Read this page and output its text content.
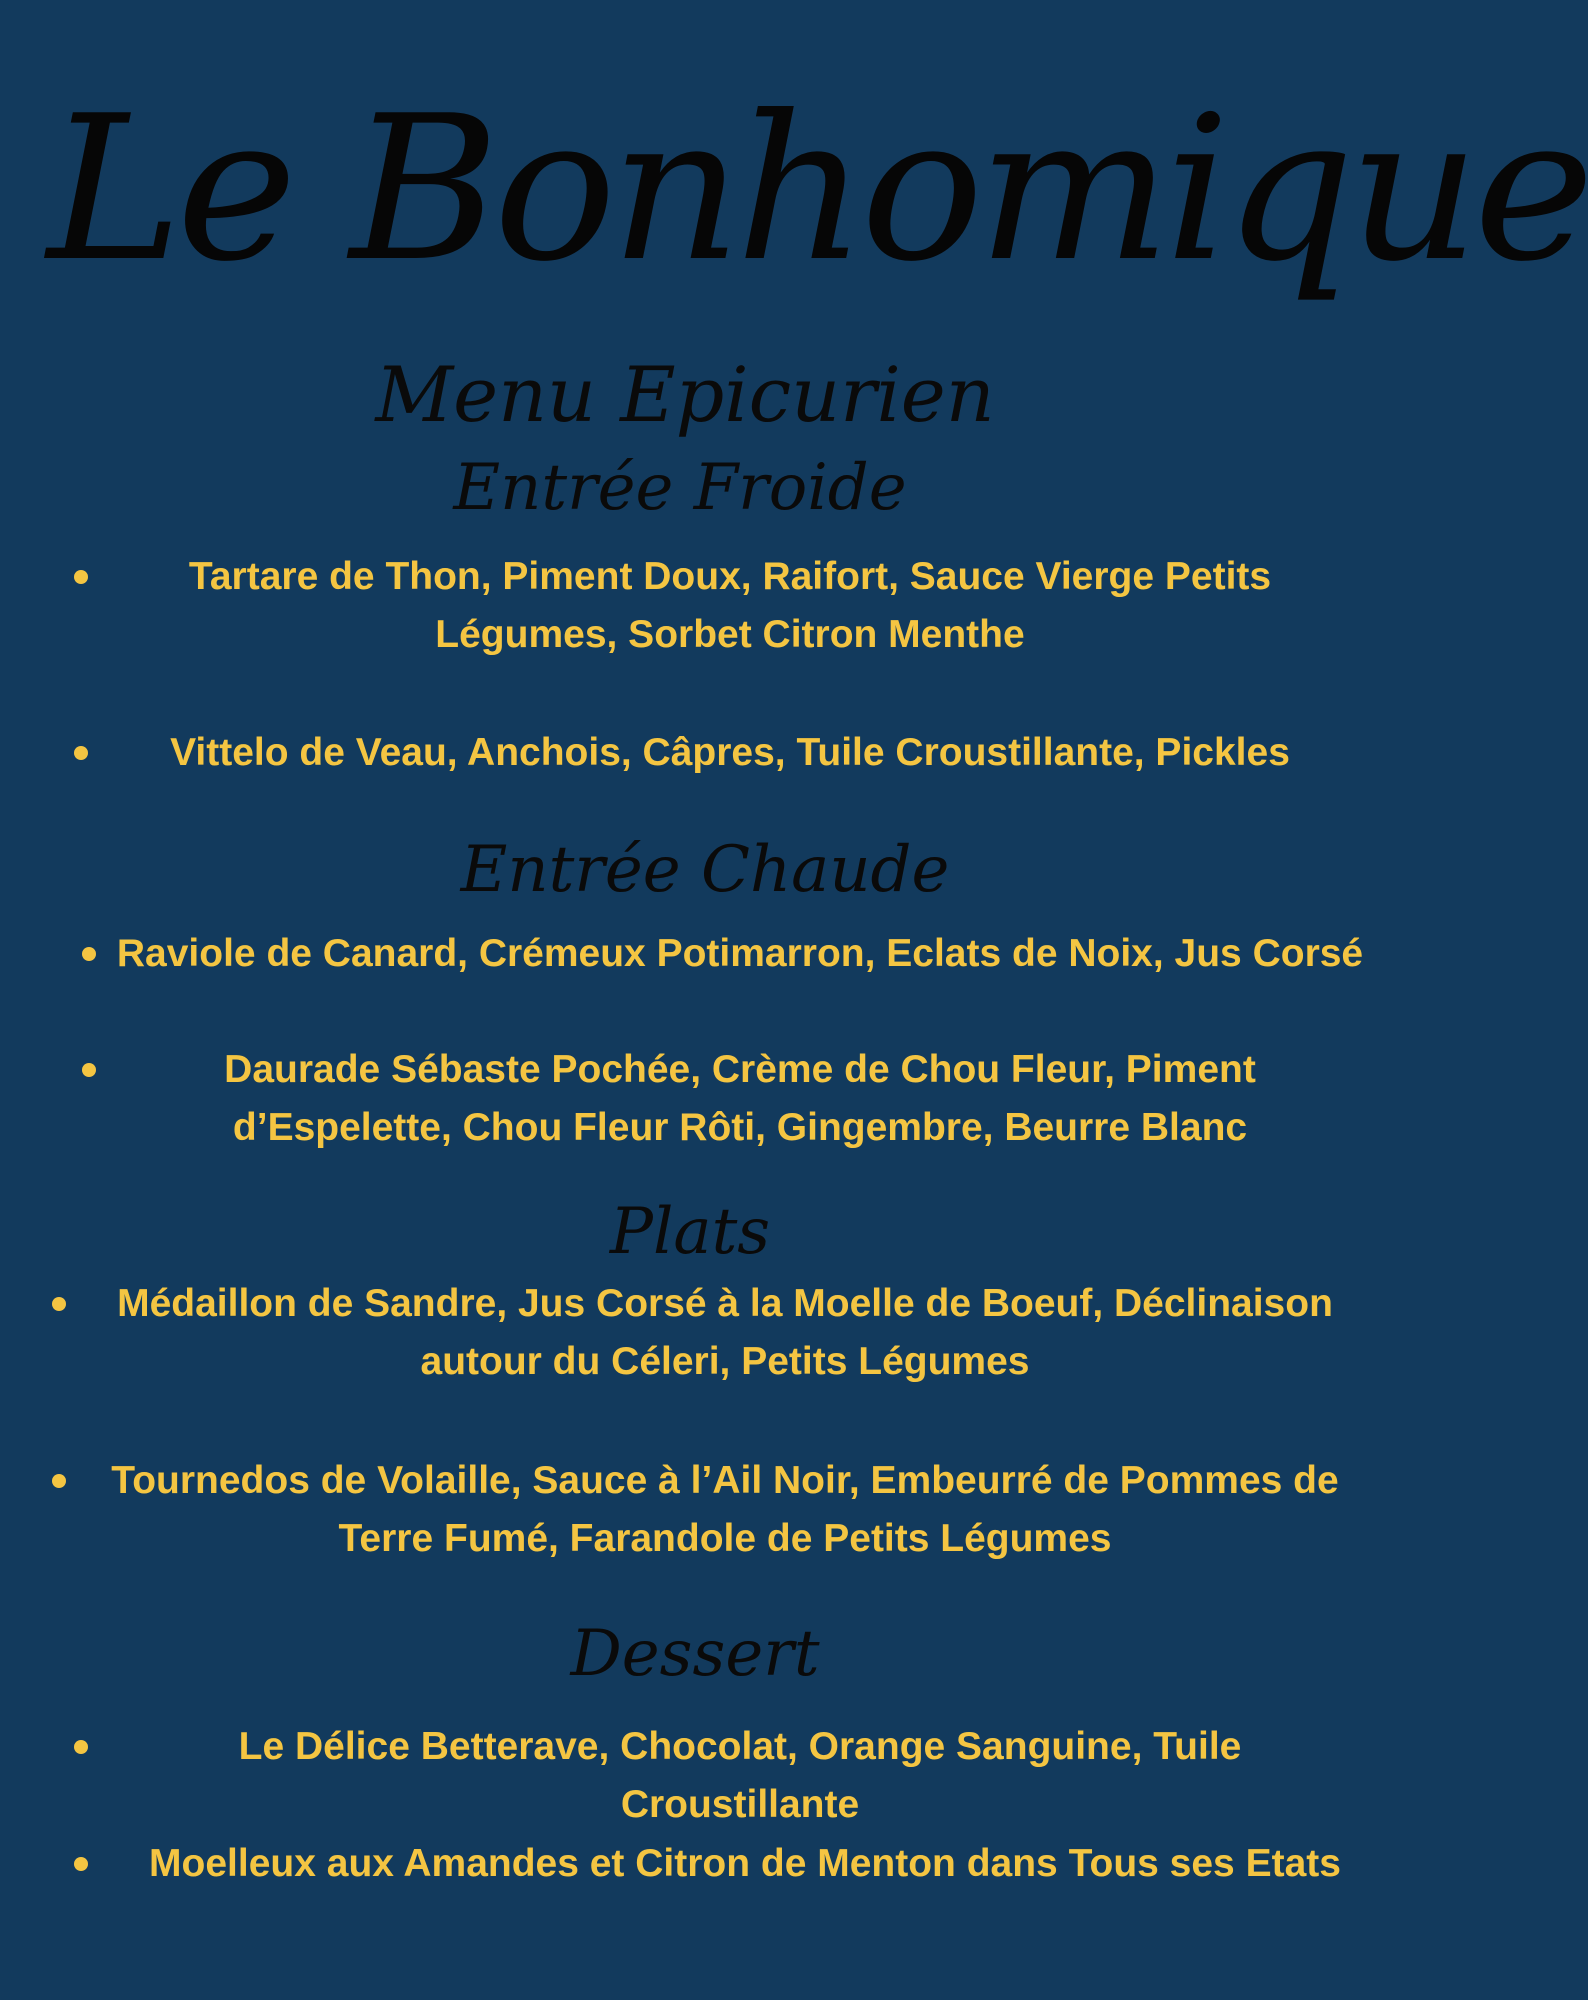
Le Bonhomique
Menu Epicurien
Entrée Froide
Tartare de Thon, Piment Doux, Raifort, Sauce Vierge Petits Légumes, Sorbet Citron Menthe
Vittelo de Veau, Anchois, Câpres, Tuile Croustillante, Pickles
Entrée Chaude
Raviole de Canard, Crémeux Potimarron, Eclats de Noix, Jus Corsé
Daurade Sébaste Pochée, Crème de Chou Fleur, Piment d’Espelette, Chou Fleur Rôti, Gingembre, Beurre Blanc
Plats
Médaillon de Sandre, Jus Corsé à la Moelle de Boeuf, Déclinaison autour du Céleri, Petits Légumes
Tournedos de Volaille, Sauce à l’Ail Noir, Embeurré de Pommes de Terre Fumé, Farandole de Petits Légumes
Dessert
Le Délice Betterave, Chocolat, Orange Sanguine, Tuile Croustillante
Moelleux aux Amandes et Citron de Menton dans Tous ses Etats
